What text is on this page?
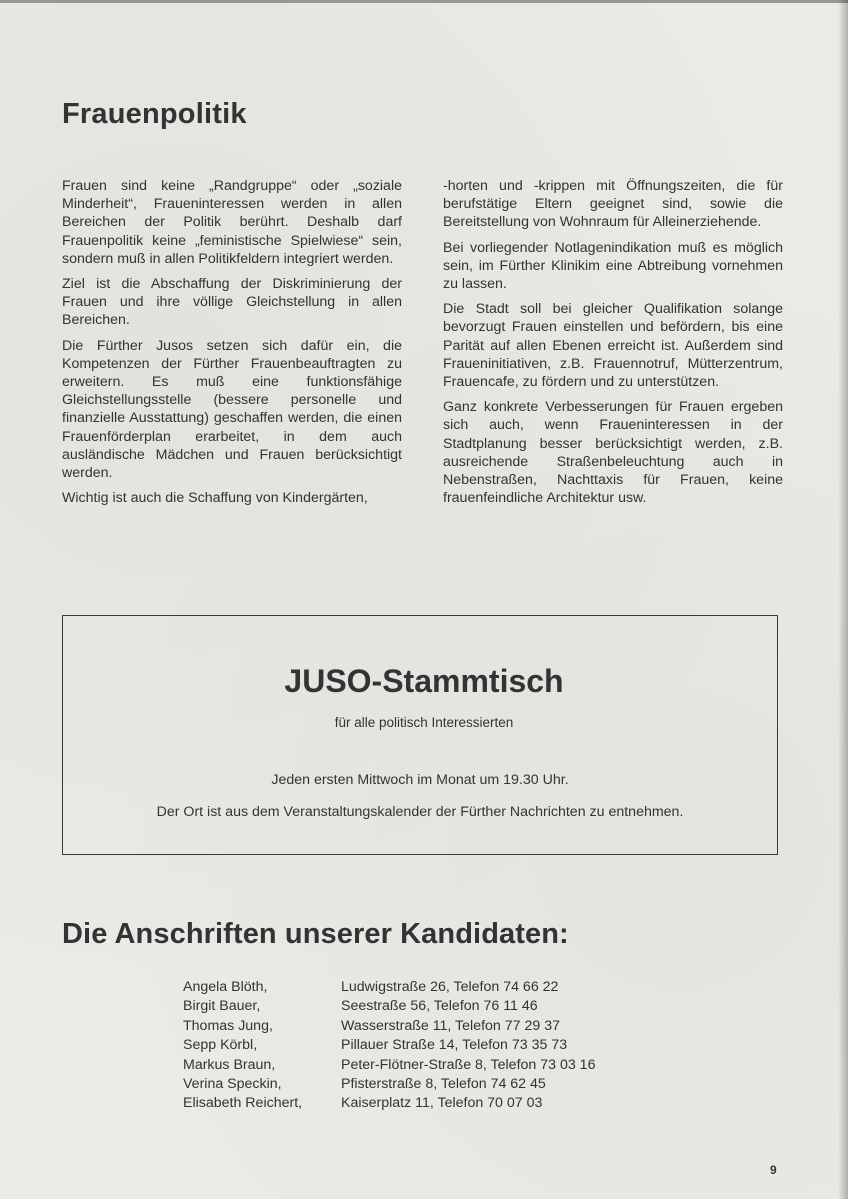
Frauenpolitik

Frauen sind keine „Randgruppe“ oder „soziale Minderheit“, Fraueninteressen werden in allen Bereichen der Politik berührt. Deshalb darf Frauenpolitik keine „feministische Spielwiese“ sein, sondern muß in allen Politikfeldern integriert werden.

Ziel ist die Abschaffung der Diskriminierung der Frauen und ihre völlige Gleichstellung in allen Bereichen.

Die Fürther Jusos setzen sich dafür ein, die Kompetenzen der Fürther Frauenbeauftragten zu erweitern. Es muß eine funktionsfähige Gleichstellungsstelle (bessere personelle und finanzielle Ausstattung) geschaffen werden, die einen Frauenförderplan erarbeitet, in dem auch ausländische Mädchen und Frauen berücksichtigt werden.

Wichtig ist auch die Schaffung von Kindergärten,

-horten und -krippen mit Öffnungszeiten, die für berufstätige Eltern geeignet sind, sowie die Bereitstellung von Wohnraum für Alleinerziehende.

Bei vorliegender Notlagenindikation muß es möglich sein, im Fürther Klinikim eine Abtreibung vornehmen zu lassen.

Die Stadt soll bei gleicher Qualifikation solange bevorzugt Frauen einstellen und befördern, bis eine Parität auf allen Ebenen erreicht ist. Außerdem sind Fraueninitiativen, z.B. Frauennotruf, Mütterzentrum, Frauencafe, zu fördern und zu unterstützen.

Ganz konkrete Verbesserungen für Frauen ergeben sich auch, wenn Fraueninteressen in der Stadtplanung besser berücksichtigt werden, z.B. ausreichende Straßenbeleuchtung auch in Nebenstraßen, Nachttaxis für Frauen, keine frauenfeindliche Architektur usw.

JUSO-Stammtisch
für alle politisch Interessierten
Jeden ersten Mittwoch im Monat um 19.30 Uhr.
Der Ort ist aus dem Veranstaltungskalender der Fürther Nachrichten zu entnehmen.
Die Anschriften unserer Kandidaten:
Angela Blöth,	Ludwigstraße 26, Telefon 74 66 22
Birgit Bauer,	Seestraße 56, Telefon 76 11 46
Thomas Jung,	Wasserstraße 11, Telefon 77 29 37
Sepp Körbl,	Pillauer Straße 14, Telefon 73 35 73
Markus Braun,	Peter-Flötner-Straße 8, Telefon 73 03 16
Verina Speckin,	Pfisterstraße 8, Telefon 74 62 45
Elisabeth Reichert,	Kaiserplatz 11, Telefon 70 07 03
9
